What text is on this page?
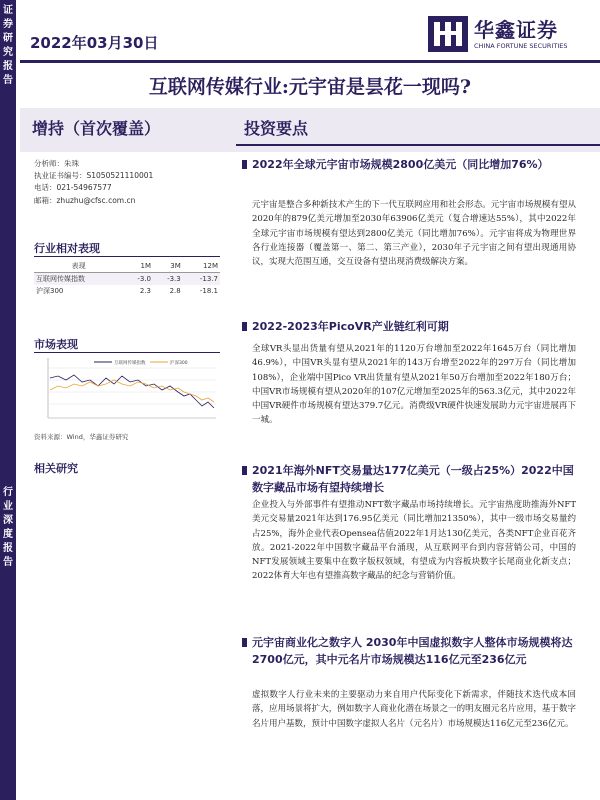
证
券
研
究
报
告
行
业
深
度
报
告
2022年03月30日
华鑫证券
CHINA FORTUNE SECURITIES
互联网传媒行业:元宇宙是昙花一现吗?
增持（首次覆盖）	投资要点
分析师：朱珠
执业证书编号：S1050521110001
电话：021-54967577
邮箱：zhuzhu@cfsc.com.cn
行业相对表现
表现	1M	3M	12M
互联网传媒指数	-3.0	-3.3	-13.7
沪深300	2.3	2.8	-18.1
市场表现
互联网传媒指数	沪深300
资料来源：Wind，华鑫证券研究
相关研究
2022年全球元宇宙市场规模2800亿美元（同比增加76%）
元宇宙是整合多种新技术产生的下一代互联网应用和社会形态。元宇宙市场规模有望从2020年的879亿美元增加至2030年63906亿美元（复合增速达55%），其中2022年全球元宇宙市场规模有望达到2800亿美元（同比增加76%）。元宇宙将成为物理世界各行业连接器（覆盖第一、第二、第三产业），2030年子元宇宙之间有望出现通用协议，实现大范围互通，交互设备有望出现消费级解决方案。
2022-2023年PicoVR产业链红利可期
全球VR头显出货量有望从2021年的1120万台增加至2022年1645万台（同比增加46.9%），中国VR头显有望从2021年的143万台增至2022年的297万台（同比增加108%），企业端中国Pico VR出货量有望从2021年50万台增加至2022年180万台；中国VR市场规模有望从2020年的107亿元增加至2025年的563.3亿元，其中2022年中国VR硬件市场规模有望达379.7亿元。消费级VR硬件快速发展助力元宇宙进展再下一城。
2021年海外NFT交易量达177亿美元（一级占25%）2022中国数字藏品市场有望持续增长
企业投入与外部事件有望推动NFT数字藏品市场持续增长。元宇宙热度助推海外NFT美元交易量2021年达到176.95亿美元（同比增加21350%），其中一级市场交易量约占25%，海外企业代表Opensea估值2022年1月达130亿美元，各类NFT企业百花齐放。2021-2022年中国数字藏品平台涌现，从互联网平台到内容营销公司，中国的NFT发展领域主要集中在数字版权领域，有望成为内容板块数字长尾商业化新支点；2022体育大年也有望推高数字藏品的纪念与营销价值。
元宇宙商业化之数字人 2030年中国虚拟数字人整体市场规模将达2700亿元，其中元名片市场规模达116亿元至236亿元
虚拟数字人行业未来的主要驱动力来自用户代际变化下新需求，伴随技术迭代成本回落，应用场景将扩大，例如数字人商业化潜在场景之一的明友圈元名片应用，基于数字名片用户基数，预计中国数字虚拟人名片（元名片）市场规模达116亿元至236亿元。
